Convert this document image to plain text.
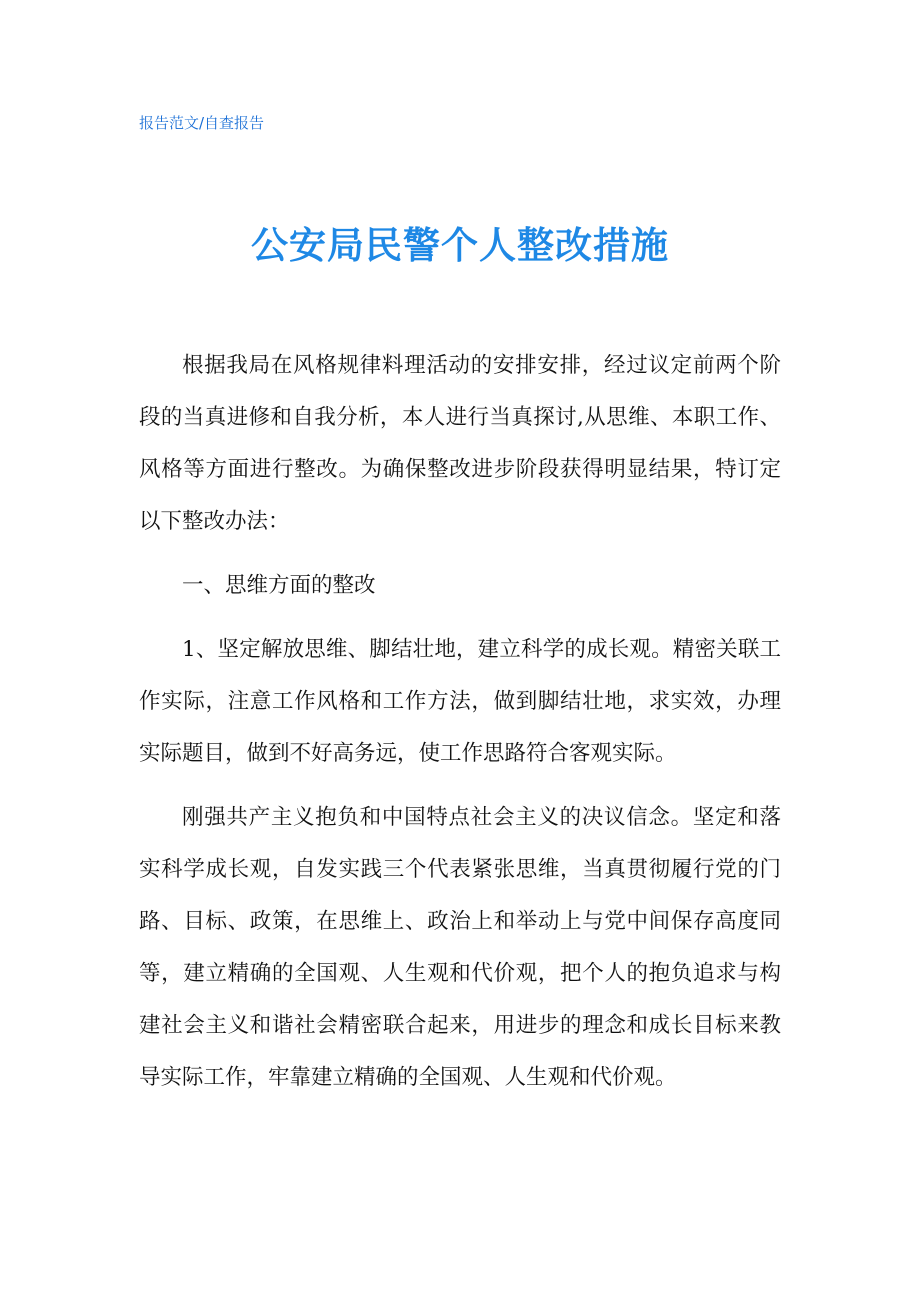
报告范文/自查报告
公安局民警个人整改措施

根据我局在风格规律料理活动的安排安排，经过议定前两个阶段的当真进修和自我分析，本人进行当真探讨,从思维、本职工作、风格等方面进行整改。为确保整改进步阶段获得明显结果，特订定以下整改办法：

一、思维方面的整改

1、坚定解放思维、脚结壮地，建立科学的成长观。精密关联工作实际，注意工作风格和工作方法，做到脚结壮地，求实效，办理实际题目，做到不好高务远，使工作思路符合客观实际。

刚强共产主义抱负和中国特点社会主义的决议信念。坚定和落实科学成长观，自发实践三个代表紧张思维，当真贯彻履行党的门路、目标、政策，在思维上、政治上和举动上与党中间保存高度同等，建立精确的全国观、人生观和代价观，把个人的抱负追求与构建社会主义和谐社会精密联合起来，用进步的理念和成长目标来教导实际工作，牢靠建立精确的全国观、人生观和代价观。
